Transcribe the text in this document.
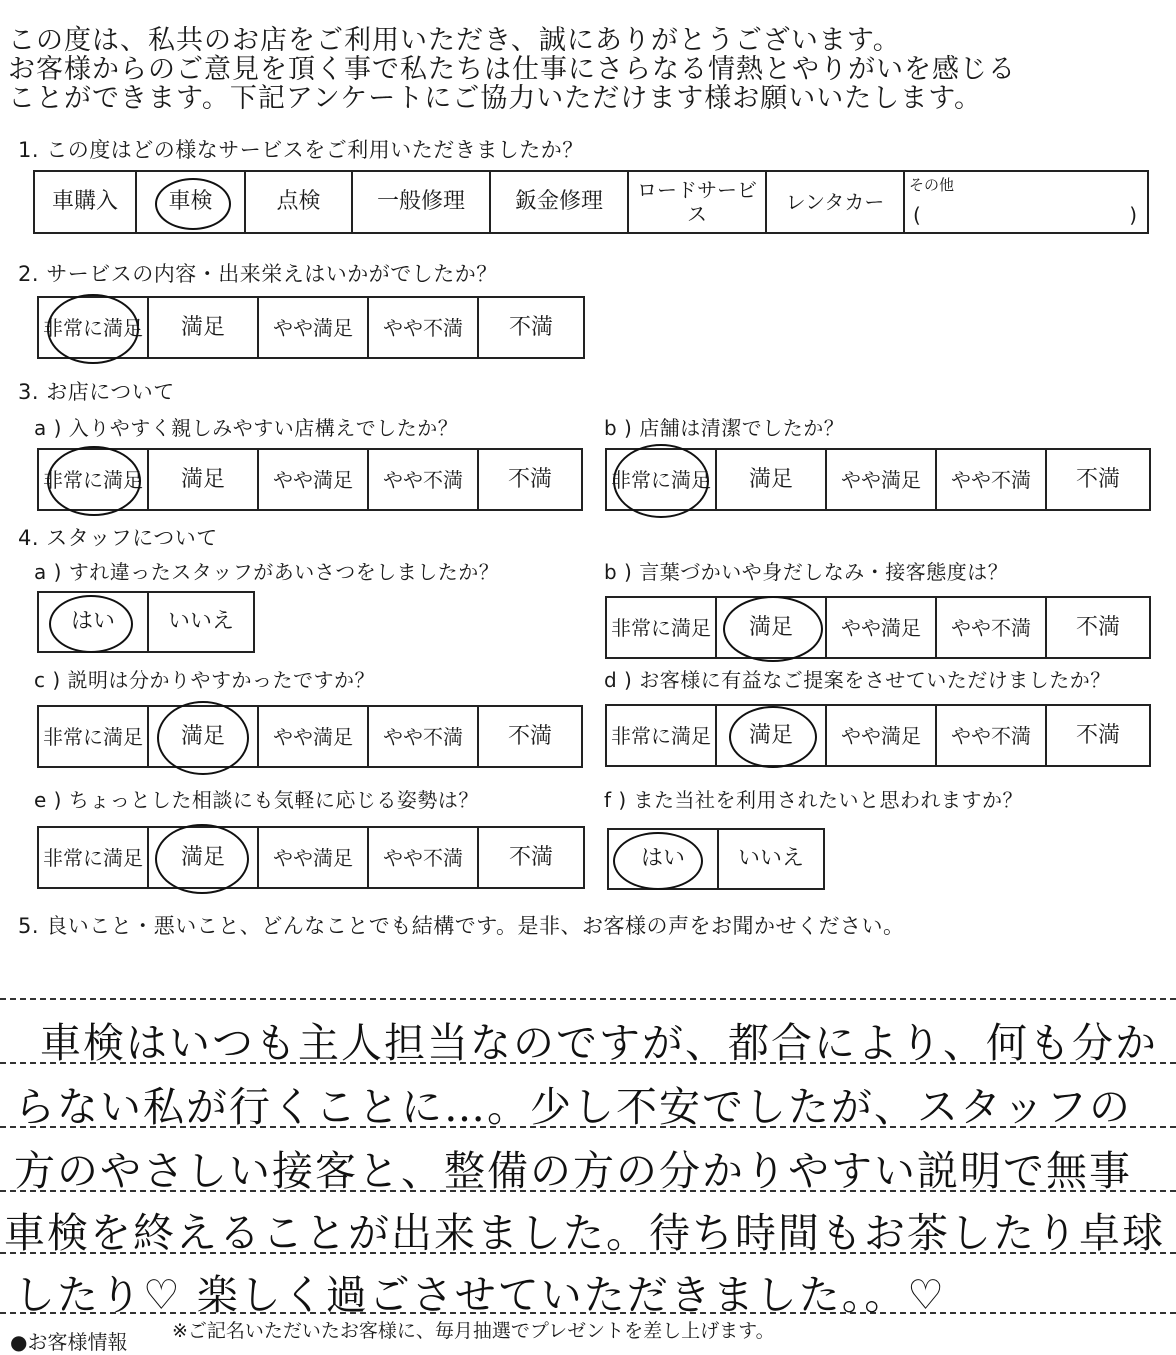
この度は、私共のお店をご利用いただき、誠にありがとうございます。
お客様からのご意見を頂く事で私たちは仕事にさらなる情熱とやりがいを感じる
ことができます。下記アンケートにご協力いただけます様お願いいたします。
1. この度はどの様なサービスをご利用いただきましたか？
車購入	車検	点検	一般修理	鈑金修理	ロードサービス	レンタカー	
その他
(	)
2. サービスの内容・出来栄えはいかがでしたか？
非常に満足	満足	やや満足	やや不満	不満
3. お店について
a ) 入りやすく親しみやすい店構えでしたか？
非常に満足	満足	やや満足	やや不満	不満
b ) 店舗は清潔でしたか？
非常に満足	満足	やや満足	やや不満	不満
4. スタッフについて
a ) すれ違ったスタッフがあいさつをしましたか？
はい	いいえ
b ) 言葉づかいや身だしなみ・接客態度は？
非常に満足	満足	やや満足	やや不満	不満
c ) 説明は分かりやすかったですか？
非常に満足	満足	やや満足	やや不満	不満
d ) お客様に有益なご提案をさせていただけましたか？
非常に満足	満足	やや満足	やや不満	不満
e ) ちょっとした相談にも気軽に応じる姿勢は？
非常に満足	満足	やや満足	やや不満	不満
f ) また当社を利用されたいと思われますか？
はい	いいえ
5. 良いこと・悪いこと、どんなことでも結構です。是非、お客様の声をお聞かせください。
車検はいつも主人担当なのですが、都合により、何も分か
らない私が行くことに…。少し不安でしたが、スタッフの
方のやさしい接客と、整備の方の分かりやすい説明で無事
車検を終えることが出来ました。待ち時間もお茶したり卓球
したり♡ 楽しく過ごさせていただきました。。♡
●お客様情報 ※ご記名いただいたお客様に、毎月抽選でプレゼントを差し上げます。
